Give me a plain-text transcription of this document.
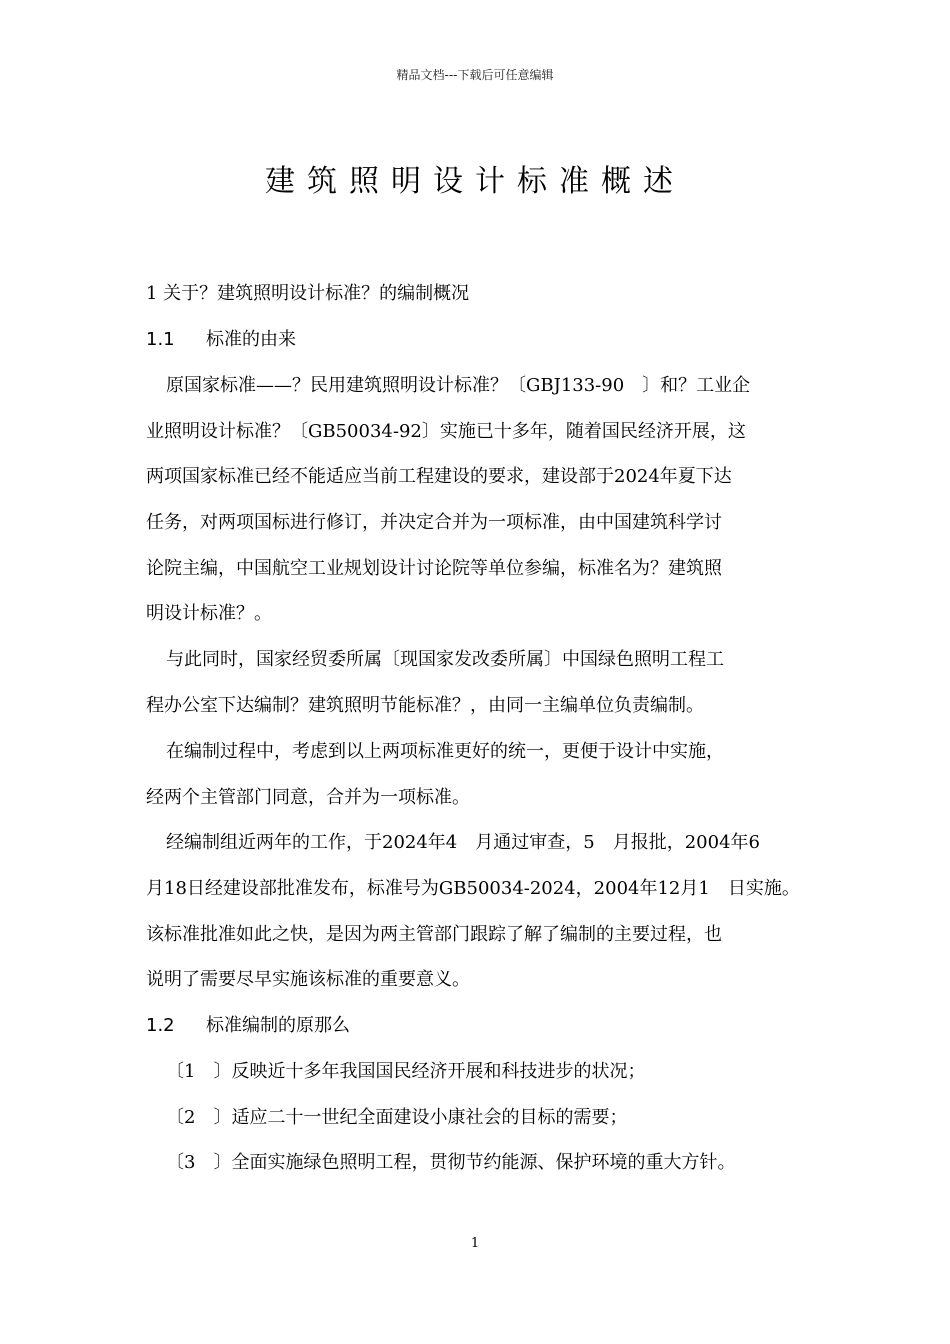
精品文档---下载后可任意编辑
建筑照明设计标准概述
1 关于？建筑照明设计标准？的编制概况
1.1 标准的由来
原国家标准——？民用建筑照明设计标准？〔GBJ133-90　〕和？工业企
业照明设计标准？〔GB50034-92〕实施已十多年，随着国民经济开展，这
两项国家标准已经不能适应当前工程建设的要求，建设部于2024年夏下达
任务，对两项国标进行修订，并决定合并为一项标准，由中国建筑科学讨
论院主编，中国航空工业规划设计讨论院等单位参编，标准名为？建筑照
明设计标准？。
与此同时，国家经贸委所属〔现国家发改委所属〕中国绿色照明工程工
程办公室下达编制？建筑照明节能标准？，由同一主编单位负责编制。
在编制过程中，考虑到以上两项标准更好的统一，更便于设计中实施，
经两个主管部门同意，合并为一项标准。
经编制组近两年的工作，于2024年4　月通过审查，5　月报批，2004年6
月18日经建设部批准发布，标准号为GB50034-2024，2004年12月1　日实施。
该标准批准如此之快，是因为两主管部门跟踪了解了编制的主要过程，也
说明了需要尽早实施该标准的重要意义。
1.2 标准编制的原那么
〔1　〕反映近十多年我国国民经济开展和科技进步的状况；
〔2　〕适应二十一世纪全面建设小康社会的目标的需要；
〔3　〕全面实施绿色照明工程，贯彻节约能源、保护环境的重大方针。
1
